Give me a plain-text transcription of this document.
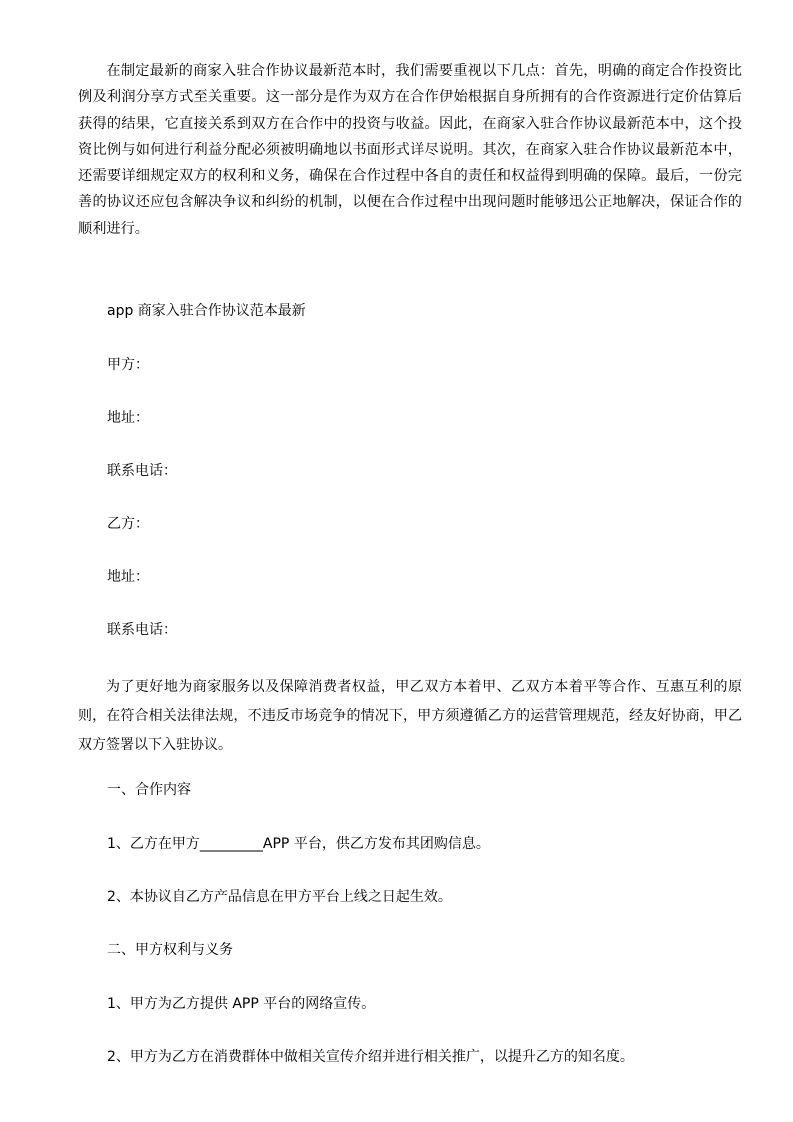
在制定最新的商家入驻合作协议最新范本时，我们需要重视以下几点：首先，明确的商定合作投资比例及利润分享方式至关重要。这一部分是作为双方在合作伊始根据自身所拥有的合作资源进行定价估算后获得的结果，它直接关系到双方在合作中的投资与收益。因此，在商家入驻合作协议最新范本中，这个投资比例与如何进行利益分配必须被明确地以书面形式详尽说明。其次，在商家入驻合作协议最新范本中，还需要详细规定双方的权利和义务，确保在合作过程中各自的责任和权益得到明确的保障。最后，一份完善的协议还应包含解决争议和纠纷的机制，以便在合作过程中出现问题时能够迅公正地解决，保证合作的顺利进行。

app 商家入驻合作协议范本最新

甲方：

地址：

联系电话：

乙方：

地址：

联系电话：

为了更好地为商家服务以及保障消费者权益，甲乙双方本着甲、乙双方本着平等合作、互惠互利的原则，在符合相关法律法规，不违反市场竞争的情况下，甲方须遵循乙方的运营管理规范，经友好协商，甲乙双方签署以下入驻协议。

一、合作内容

1、乙方在甲方_________APP 平台，供乙方发布其团购信息。

2、本协议自乙方产品信息在甲方平台上线之日起生效。

二、甲方权利与义务

1、甲方为乙方提供 APP 平台的网络宣传。

2、甲方为乙方在消费群体中做相关宣传介绍并进行相关推广，以提升乙方的知名度。
